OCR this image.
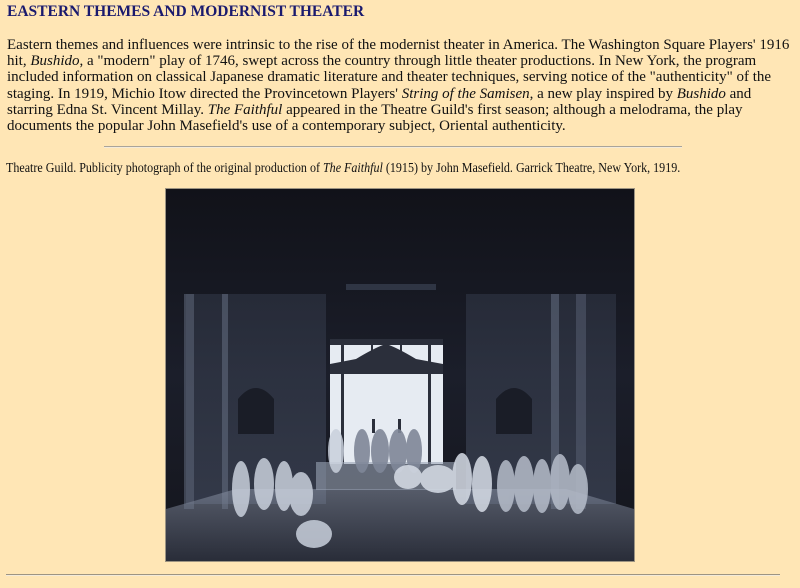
EASTERN THEMES AND MODERNIST THEATER

Eastern themes and influences were intrinsic to the rise of the modernist theater in America. The Washington Square Players' 1916 hit, Bushido, a "modern" play of 1746, swept across the country through little theater productions. In New York, the program included information on classical Japanese dramatic literature and theater techniques, serving notice of the "authenticity" of the staging. In 1919, Michio Itow directed the Provincetown Players' String of the Samisen, a new play inspired by Bushido and starring Edna St. Vincent Millay. The Faithful appeared in the Theatre Guild's first season; although a melodrama, the play documents the popular John Masefield's use of a contemporary subject, Oriental authenticity.

Theatre Guild. Publicity photograph of the original production of The Faithful (1915) by John Masefield. Garrick Theatre, New York, 1919.
